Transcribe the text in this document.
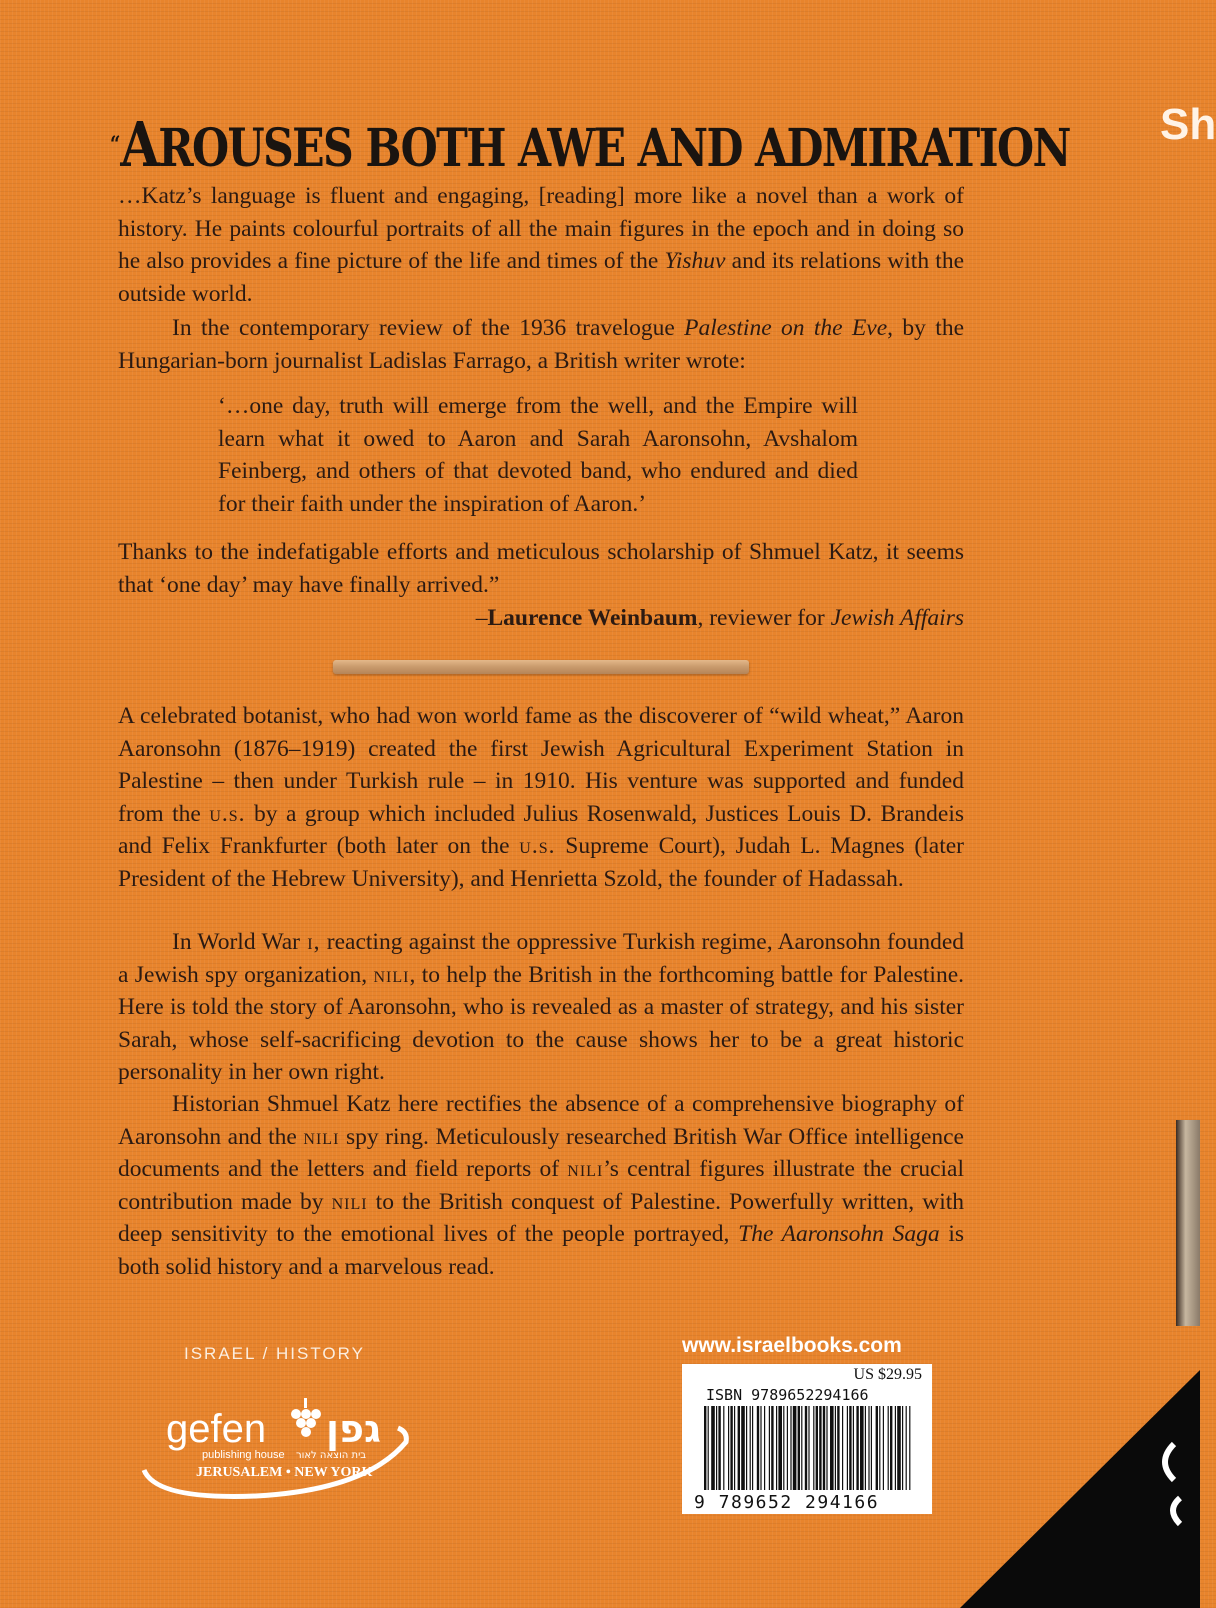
“AROUSES BOTH AWE AND ADMIRATION

…Katz’s language is fluent and engaging, [reading] more like a novel than a work of history. He paints colourful portraits of all the main figures in the epoch and in doing so he also provides a fine picture of the life and times of the Yishuv and its relations with the outside world.

In the contemporary review of the 1936 travelogue Palestine on the Eve, by the Hungarian-born journalist Ladislas Farrago, a British writer wrote:

‘…one day, truth will emerge from the well, and the Empire will learn what it owed to Aaron and Sarah Aaronsohn, Avshalom Feinberg, and others of that devoted band, who endured and died for their faith under the inspiration of Aaron.’

Thanks to the indefatigable efforts and meticulous scholarship of Shmuel Katz, it seems that ‘one day’ may have finally arrived.”

–Laurence Weinbaum, reviewer for Jewish Affairs

A celebrated botanist, who had won world fame as the discoverer of “wild wheat,” Aaron Aaronsohn (1876–1919) created the first Jewish Agricultural Experiment Station in Palestine – then under Turkish rule – in 1910. His venture was supported and funded from the u.s. by a group which included Julius Rosenwald, Justices Louis D. Brandeis and Felix Frankfurter (both later on the u.s. Supreme Court), Judah L. Magnes (later President of the Hebrew University), and Henrietta Szold, the founder of Hadassah.

In World War i, reacting against the oppressive Turkish regime, Aaronsohn founded a Jewish spy organization, nili, to help the British in the forthcoming battle for Palestine. Here is told the story of Aaronsohn, who is revealed as a master of strategy, and his sister Sarah, whose self-sacrificing devotion to the cause shows her to be a great historic personality in her own right.

Historian Shmuel Katz here rectifies the absence of a comprehensive biography of Aaronsohn and the nili spy ring. Meticulously researched British War Office intelligence documents and the letters and field reports of nili’s central figures illustrate the crucial contribution made by nili to the British conquest of Palestine. Powerfully written, with deep sensitivity to the emotional lives of the people portrayed, The Aaronsohn Saga is both solid history and a marvelous read.

ISRAEL / HISTORY
gefen גפן
publishing house בית הוצאה לאור
JERUSALEM • NEW YORK
www.israelbooks.com
US $29.95
ISBN 9789652294166
9 789652 294166
Sh
